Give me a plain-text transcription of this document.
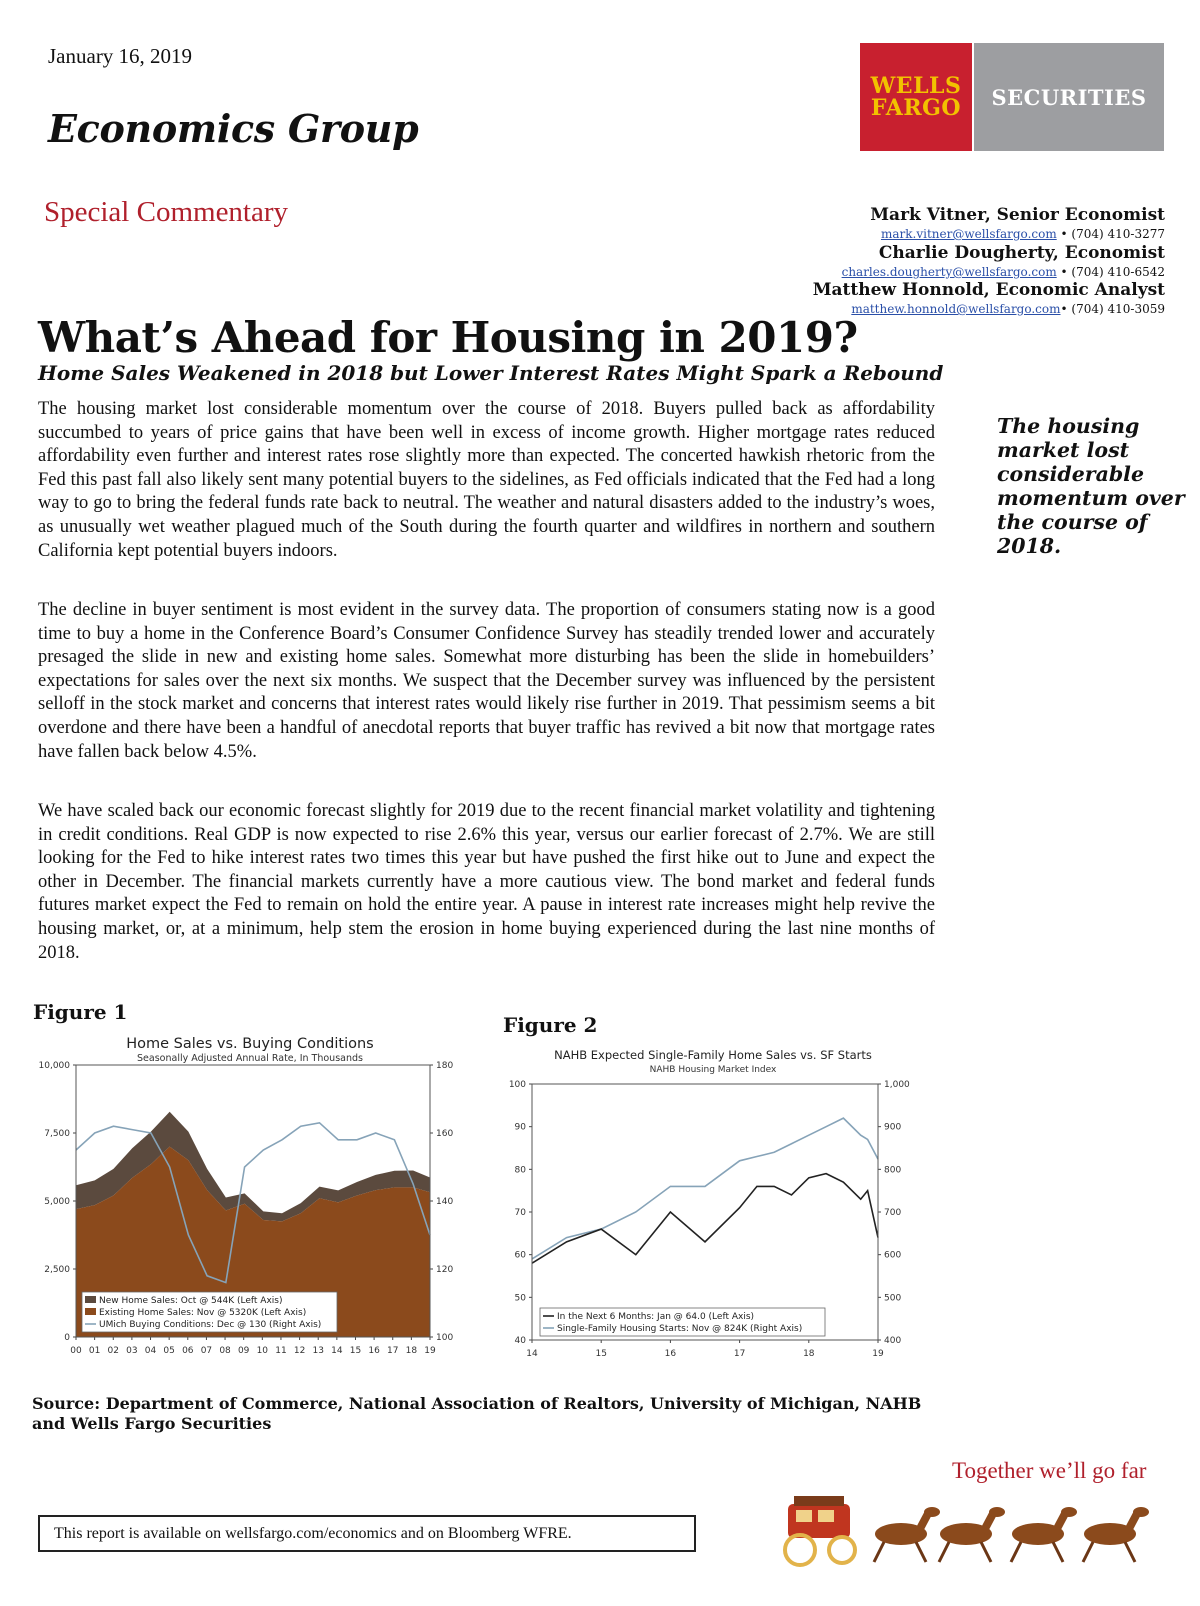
January 16, 2019
Economics Group
Special Commentary
WELLS
FARGO SECURITIES
Mark Vitner, Senior Economist
mark.vitner@wellsfargo.com • (704) 410-3277
Charlie Dougherty, Economist
charles.dougherty@wellsfargo.com • (704) 410-6542
Matthew Honnold, Economic Analyst
matthew.honnold@wellsfargo.com• (704) 410-3059
What’s Ahead for Housing in 2019?
Home Sales Weakened in 2018 but Lower Interest Rates Might Spark a Rebound
The housing market lost considerable momentum over the course of 2018. Buyers pulled back as affordability succumbed to years of price gains that have been well in excess of income growth. Higher mortgage rates reduced affordability even further and interest rates rose slightly more than expected. The concerted hawkish rhetoric from the Fed this past fall also likely sent many potential buyers to the sidelines, as Fed officials indicated that the Fed had a long way to go to bring the federal funds rate back to neutral. The weather and natural disasters added to the industry’s woes, as unusually wet weather plagued much of the South during the fourth quarter and wildfires in northern and southern California kept potential buyers indoors.
The decline in buyer sentiment is most evident in the survey data. The proportion of consumers stating now is a good time to buy a home in the Conference Board’s Consumer Confidence Survey has steadily trended lower and accurately presaged the slide in new and existing home sales. Somewhat more disturbing has been the slide in homebuilders’ expectations for sales over the next six months. We suspect that the December survey was influenced by the persistent selloff in the stock market and concerns that interest rates would likely rise further in 2019. That pessimism seems a bit overdone and there have been a handful of anecdotal reports that buyer traffic has revived a bit now that mortgage rates have fallen back below 4.5%.
We have scaled back our economic forecast slightly for 2019 due to the recent financial market volatility and tightening in credit conditions. Real GDP is now expected to rise 2.6% this year, versus our earlier forecast of 2.7%. We are still looking for the Fed to hike interest rates two times this year but have pushed the first hike out to June and expect the other in December. The financial markets currently have a more cautious view. The bond market and federal funds futures market expect the Fed to remain on hold the entire year. A pause in interest rate increases might help revive the housing market, or, at a minimum, help stem the erosion in home buying experienced during the last nine months of 2018.
The housing market lost considerable momentum over the course of 2018.
Figure 1
Figure 2
Home Sales vs. Buying Conditions
Seasonally Adjusted Annual Rate, In Thousands
10,000
7,500
5,000
2,500
0
180
160
140
120
100
00 01 02 03 04 05 06 07 08 09 10 11 12 13 14 15 16 17 18 19
New Home Sales: Oct @ 544K (Left Axis)
Existing Home Sales: Nov @ 5320K (Left Axis)
UMich Buying Conditions: Dec @ 130 (Right Axis)
100
90
80
70
60
50
40
1,000
900
800
700
600
500
400
14	15	16	17	18	19
In the Next 6 Months: Jan @ 64.0 (Left Axis)
Single-Family Housing Starts: Nov @ 824K (Right Axis)
Source: Department of Commerce, National Association of Realtors, University of Michigan, NAHB and Wells Fargo Securities
Together we’ll go far
This report is available on wellsfargo.com/economics and on Bloomberg WFRE.
NAHB Expected Single-Family Home Sales vs. SF Starts
NAHB Housing Market Index
